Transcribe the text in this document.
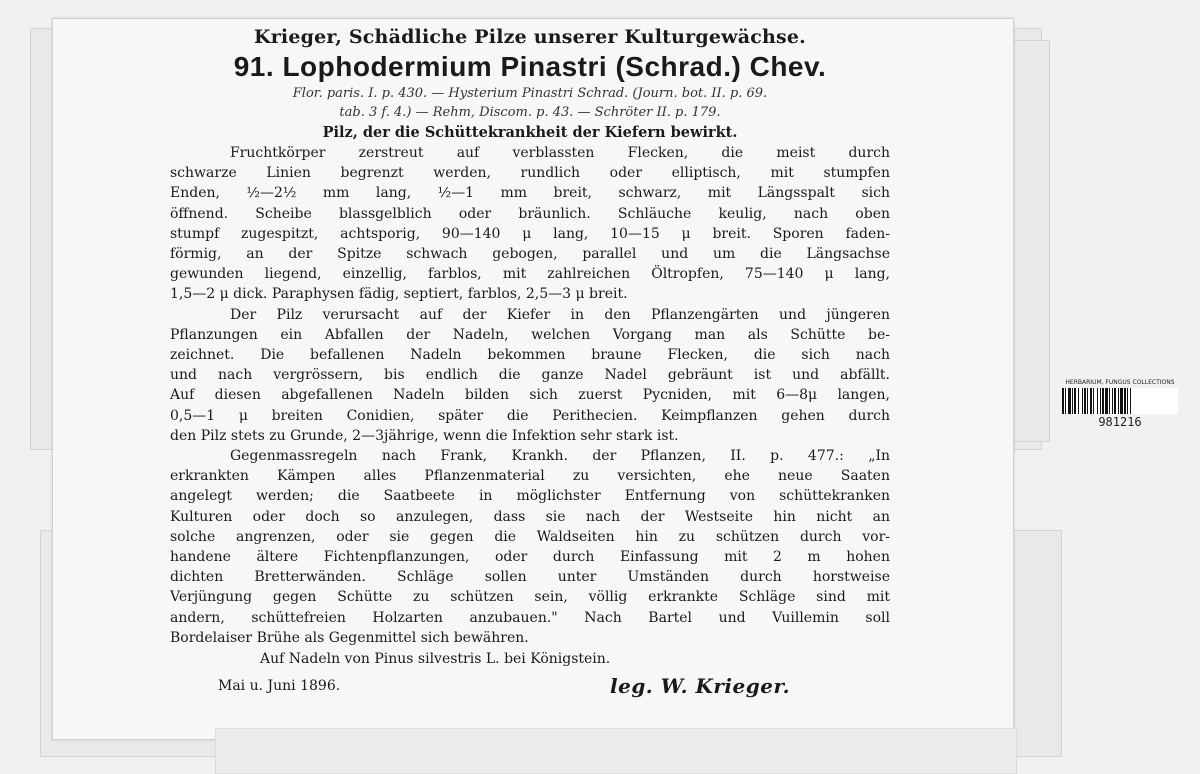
Krieger, Schädliche Pilze unserer Kulturgewächse.
91. Lophodermium Pinastri (Schrad.) Chev.
Flor. paris. I. p. 430. — Hysterium Pinastri Schrad. (Journ. bot. II. p. 69.
tab. 3 f. 4.) — Rehm, Discom. p. 43. — Schröter II. p. 179.
Pilz, der die Schüttekrankheit der Kiefern bewirkt.
Fruchtkörper zerstreut auf verblassten Flecken, die meist durch
schwarze Linien begrenzt werden, rundlich oder elliptisch, mit stumpfen
Enden, ½—2½ mm lang, ½—1 mm breit, schwarz, mit Längsspalt sich
öffnend. Scheibe blassgelblich oder bräunlich. Schläuche keulig, nach oben
stumpf zugespitzt, achtsporig, 90—140 μ lang, 10—15 μ breit. Sporen faden-
förmig, an der Spitze schwach gebogen, parallel und um die Längsachse
gewunden liegend, einzellig, farblos, mit zahlreichen Öltropfen, 75—140 μ lang,
1,5—2 μ dick. Paraphysen fädig, septiert, farblos, 2,5—3 μ breit.
Der Pilz verursacht auf der Kiefer in den Pflanzengärten und jüngeren
Pflanzungen ein Abfallen der Nadeln, welchen Vorgang man als Schütte be-
zeichnet. Die befallenen Nadeln bekommen braune Flecken, die sich nach
und nach vergrössern, bis endlich die ganze Nadel gebräunt ist und abfällt.
Auf diesen abgefallenen Nadeln bilden sich zuerst Pycniden, mit 6—8μ langen,
0,5—1 μ breiten Conidien, später die Perithecien. Keimpflanzen gehen durch
den Pilz stets zu Grunde, 2—3jährige, wenn die Infektion sehr stark ist.
Gegenmassregeln nach Frank, Krankh. der Pflanzen, II. p. 477.: „In
erkrankten Kämpen alles Pflanzenmaterial zu versichten, ehe neue Saaten
angelegt werden; die Saatbeete in möglichster Entfernung von schüttekranken
Kulturen oder doch so anzulegen, dass sie nach der Westseite hin nicht an
solche angrenzen, oder sie gegen die Waldseiten hin zu schützen durch vor-
handene ältere Fichtenpflanzungen, oder durch Einfassung mit 2 m hohen
dichten Bretterwänden. Schläge sollen unter Umständen durch horstweise
Verjüngung gegen Schütte zu schützen sein, völlig erkrankte Schläge sind mit
andern, schüttefreien Holzarten anzubauen." Nach Bartel und Vuillemin soll
Bordelaiser Brühe als Gegenmittel sich bewähren.
Auf Nadeln von Pinus silvestris L. bei Königstein.
Mai u. Juni 1896.	leg. W. Krieger.
HERBARIUM, FUNGUS COLLECTIONS
981216
